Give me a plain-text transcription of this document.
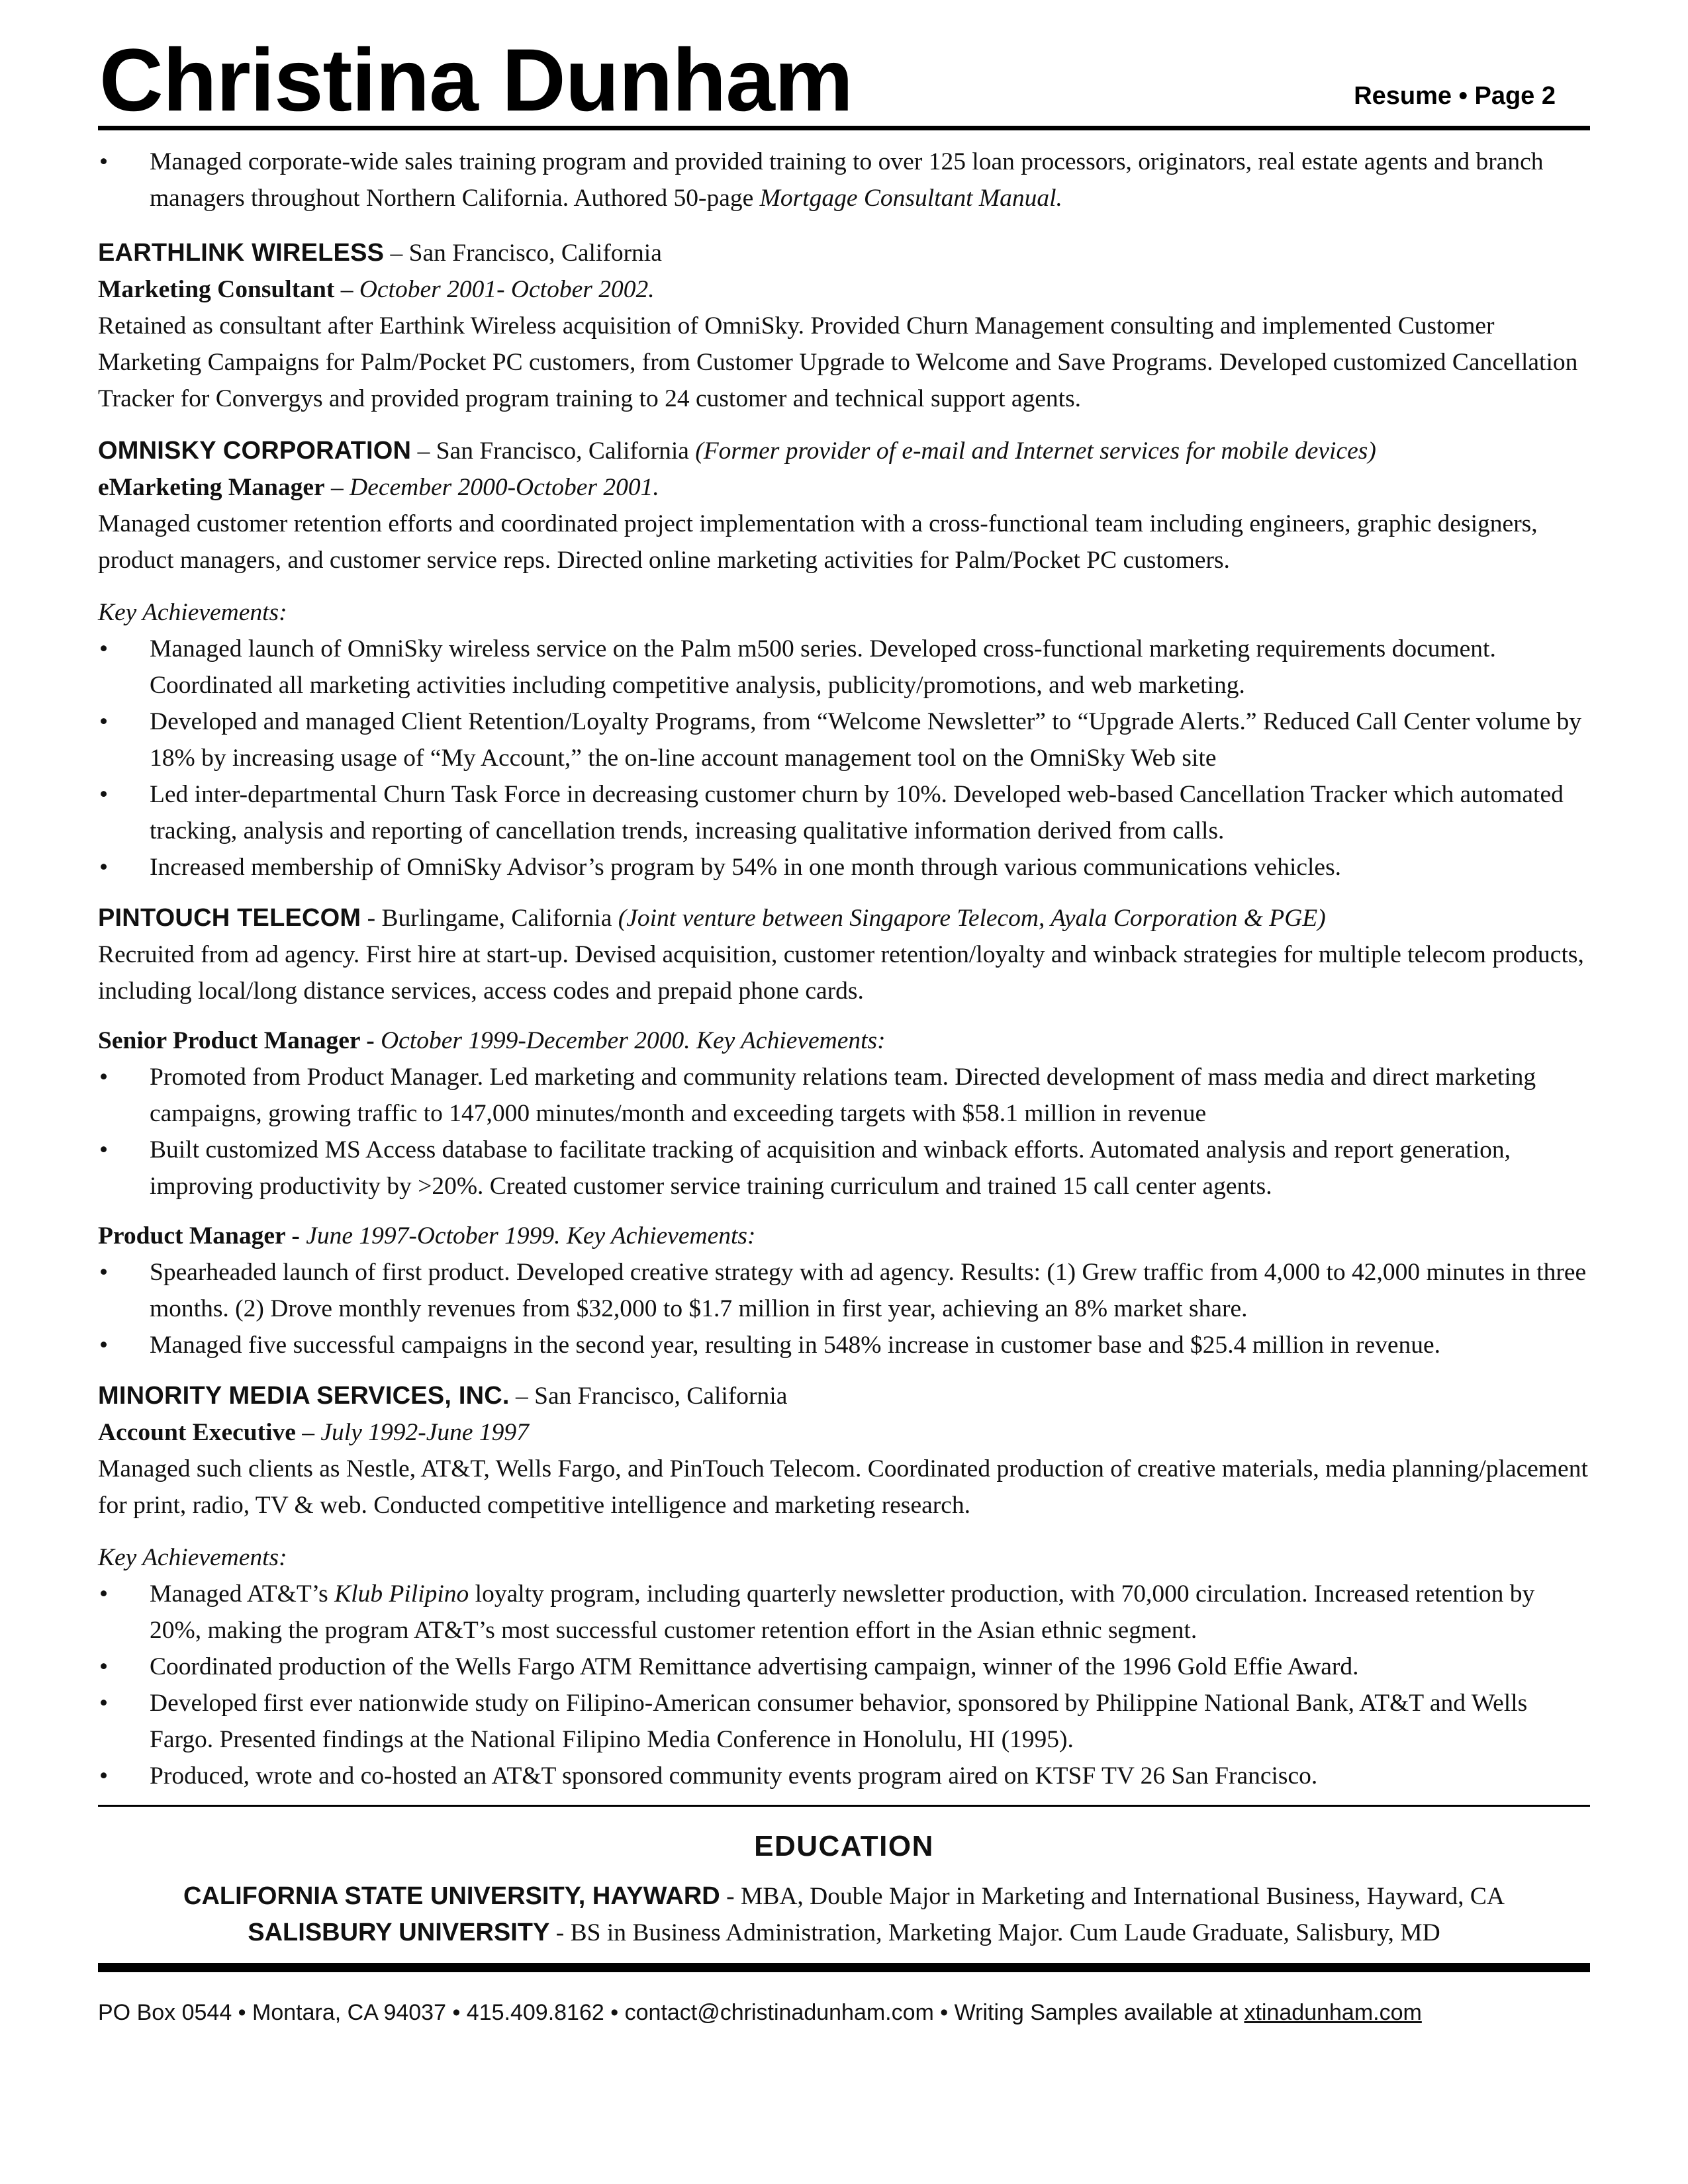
Christina Dunham	Resume • Page 2
• Managed corporate-wide sales training program and provided training to over 125 loan processors, originators, real estate agents and branch managers throughout Northern California. Authored 50-page Mortgage Consultant Manual.
EARTHLINK WIRELESS – San Francisco, California
Marketing Consultant – October 2001- October 2002.
Retained as consultant after Earthink Wireless acquisition of OmniSky. Provided Churn Management consulting and implemented Customer Marketing Campaigns for Palm/Pocket PC customers, from Customer Upgrade to Welcome and Save Programs. Developed customized Cancellation Tracker for Convergys and provided program training to 24 customer and technical support agents.
OMNISKY CORPORATION – San Francisco, California (Former provider of e-mail and Internet services for mobile devices)
eMarketing Manager – December 2000-October 2001.
Managed customer retention efforts and coordinated project implementation with a cross-functional team including engineers, graphic designers, product managers, and customer service reps. Directed online marketing activities for Palm/Pocket PC customers.
Key Achievements:
• Managed launch of OmniSky wireless service on the Palm m500 series. Developed cross-functional marketing requirements document. Coordinated all marketing activities including competitive analysis, publicity/promotions, and web marketing.
• Developed and managed Client Retention/Loyalty Programs, from “Welcome Newsletter” to “Upgrade Alerts.” Reduced Call Center volume by 18% by increasing usage of “My Account,” the on-line account management tool on the OmniSky Web site
• Led inter-departmental Churn Task Force in decreasing customer churn by 10%. Developed web-based Cancellation Tracker which automated tracking, analysis and reporting of cancellation trends, increasing qualitative information derived from calls.
• Increased membership of OmniSky Advisor’s program by 54% in one month through various communications vehicles.
PINTOUCH TELECOM - Burlingame, California (Joint venture between Singapore Telecom, Ayala Corporation & PGE)
Recruited from ad agency. First hire at start-up. Devised acquisition, customer retention/loyalty and winback strategies for multiple telecom products, including local/long distance services, access codes and prepaid phone cards.
Senior Product Manager - October 1999-December 2000. Key Achievements:
• Promoted from Product Manager. Led marketing and community relations team. Directed development of mass media and direct marketing campaigns, growing traffic to 147,000 minutes/month and exceeding targets with $58.1 million in revenue
• Built customized MS Access database to facilitate tracking of acquisition and winback efforts. Automated analysis and report generation, improving productivity by >20%. Created customer service training curriculum and trained 15 call center agents.
Product Manager - June 1997-October 1999. Key Achievements:
• Spearheaded launch of first product. Developed creative strategy with ad agency. Results: (1) Grew traffic from 4,000 to 42,000 minutes in three months. (2) Drove monthly revenues from $32,000 to $1.7 million in first year, achieving an 8% market share.
• Managed five successful campaigns in the second year, resulting in 548% increase in customer base and $25.4 million in revenue.
MINORITY MEDIA SERVICES, INC. – San Francisco, California
Account Executive – July 1992-June 1997
Managed such clients as Nestle, AT&T, Wells Fargo, and PinTouch Telecom. Coordinated production of creative materials, media planning/placement for print, radio, TV & web. Conducted competitive intelligence and marketing research.
Key Achievements:
• Managed AT&T’s Klub Pilipino loyalty program, including quarterly newsletter production, with 70,000 circulation. Increased retention by 20%, making the program AT&T’s most successful customer retention effort in the Asian ethnic segment.
• Coordinated production of the Wells Fargo ATM Remittance advertising campaign, winner of the 1996 Gold Effie Award.
• Developed first ever nationwide study on Filipino-American consumer behavior, sponsored by Philippine National Bank, AT&T and Wells Fargo. Presented findings at the National Filipino Media Conference in Honolulu, HI (1995).
• Produced, wrote and co-hosted an AT&T sponsored community events program aired on KTSF TV 26 San Francisco.
EDUCATION
CALIFORNIA STATE UNIVERSITY, HAYWARD - MBA, Double Major in Marketing and International Business, Hayward, CA
SALISBURY UNIVERSITY - BS in Business Administration, Marketing Major. Cum Laude Graduate, Salisbury, MD
PO Box 0544 • Montara, CA 94037 • 415.409.8162 • contact@christinadunham.com • Writing Samples available at xtinadunham.com
